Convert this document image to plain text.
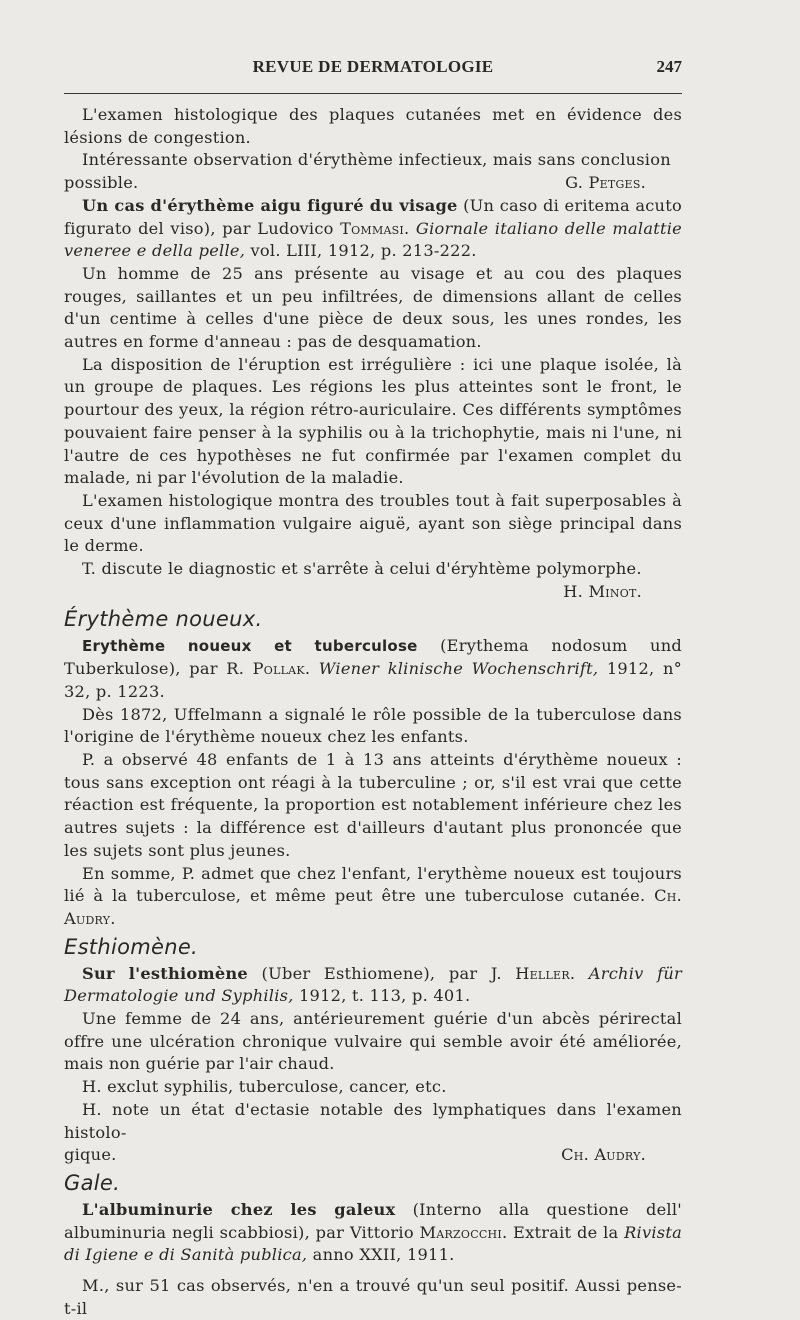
REVUE DE DERMATOLOGIE	247

L'examen histologique des plaques cutanées met en évidence des lésions de congestion.

Intéressante observation d'érythème infectieux, mais sans conclusion

possible.	G. Petges.

Un cas d'érythème aigu figuré du visage (Un caso di eritema acuto figurato del viso), par Ludovico Tommasi. Giornale italiano delle malattie veneree e della pelle, vol. LIII, 1912, p. 213-222.

Un homme de 25 ans présente au visage et au cou des plaques rouges, saillantes et un peu infiltrées, de dimensions allant de celles d'un centime à celles d'une pièce de deux sous, les unes rondes, les autres en forme d'anneau : pas de desquamation.

La disposition de l'éruption est irrégulière : ici une plaque isolée, là un groupe de plaques. Les régions les plus atteintes sont le front, le pourtour des yeux, la région rétro-auriculaire. Ces différents symptômes pouvaient faire penser à la syphilis ou à la trichophytie, mais ni l'une, ni l'autre de ces hypothèses ne fut confirmée par l'examen complet du malade, ni par l'évolution de la maladie.

L'examen histologique montra des troubles tout à fait superposables à ceux d'une inflammation vulgaire aiguë, ayant son siège principal dans le derme.

T. discute le diagnostic et s'arrête à celui d'éryhtème polymorphe.

H. Minot.

Érythème noueux.

Erythème noueux et tuberculose (Erythema nodosum und Tuberkulose), par R. Pollak. Wiener klinische Wochenschrift, 1912, n° 32, p. 1223.

Dès 1872, Uffelmann a signalé le rôle possible de la tuberculose dans l'origine de l'érythème noueux chez les enfants.

P. a observé 48 enfants de 1 à 13 ans atteints d'érythème noueux : tous sans exception ont réagi à la tuberculine ; or, s'il est vrai que cette réaction est fréquente, la proportion est notablement inférieure chez les autres sujets : la différence est d'ailleurs d'autant plus prononcée que les sujets sont plus jeunes.

En somme, P. admet que chez l'enfant, l'erythème noueux est toujours lié à la tuberculose, et même peut être une tuberculose cutanée. Ch. Audry.

Esthiomène.

Sur l'esthiomène (Uber Esthiomene), par J. Heller. Archiv für Dermatologie und Syphilis, 1912, t. 113, p. 401.

Une femme de 24 ans, antérieurement guérie d'un abcès périrectal offre une ulcération chronique vulvaire qui semble avoir été améliorée, mais non guérie par l'air chaud.

H. exclut syphilis, tuberculose, cancer, etc.

H. note un état d'ectasie notable des lymphatiques dans l'examen histolo-

gique.	Ch. Audry.
Gale.

L'albuminurie chez les galeux (Interno alla questione dell' albuminuria negli scabbiosi), par Vittorio Marzocchi. Extrait de la Rivista di Igiene e di Sanità publica, anno XXII, 1911.

M., sur 51 cas observés, n'en a trouvé qu'un seul positif. Aussi pense-t-il
